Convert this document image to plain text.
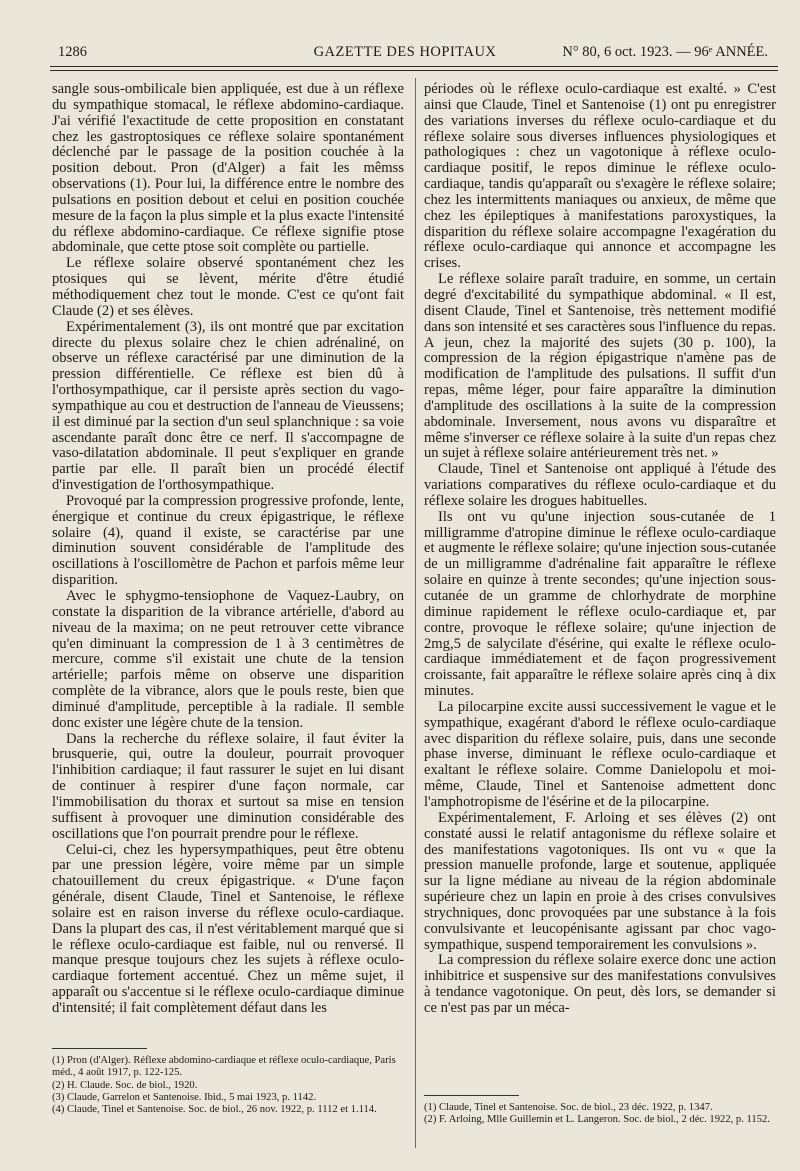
1286	GAZETTE DES HOPITAUX	N° 80, 6 oct. 1923. — 96ᵉ ANNÉE.

sangle sous-ombilicale bien appliquée, est due à un réflexe du sympathique stomacal, le réflexe abdomino-cardiaque. J'ai vérifié l'exactitude de cette proposition en constatant chez les gastroptosiques ce réflexe solaire spontanément déclenché par le passage de la position couchée à la position debout. Pron (d'Alger) a fait les mêmss observations (1). Pour lui, la différence entre le nombre des pulsations en position debout et celui en position couchée mesure de la façon la plus simple et la plus exacte l'intensité du réflexe abdomino-cardiaque. Ce réflexe signifie ptose abdominale, que cette ptose soit complète ou partielle.

Le réflexe solaire observé spontanément chez les ptosiques qui se lèvent, mérite d'être étudié méthodiquement chez tout le monde. C'est ce qu'ont fait Claude (2) et ses élèves.

Expérimentalement (3), ils ont montré que par excitation directe du plexus solaire chez le chien adrénaliné, on observe un réflexe caractérisé par une diminution de la pression différentielle. Ce réflexe est bien dû à l'orthosympathique, car il persiste après section du vago-sympathique au cou et destruction de l'anneau de Vieussens; il est diminué par la section d'un seul splanchnique : sa voie ascendante paraît donc être ce nerf. Il s'accompagne de vaso-dilatation abdominale. Il peut s'expliquer en grande partie par elle. Il paraît bien un procédé électif d'investigation de l'orthosympathique.

Provoqué par la compression progressive profonde, lente, énergique et continue du creux épigastrique, le réflexe solaire (4), quand il existe, se caractérise par une diminution souvent considérable de l'amplitude des oscillations à l'oscillomètre de Pachon et parfois même leur disparition.

Avec le sphygmo-tensiophone de Vaquez-Laubry, on constate la disparition de la vibrance artérielle, d'abord au niveau de la maxima; on ne peut retrouver cette vibrance qu'en diminuant la compression de 1 à 3 centimètres de mercure, comme s'il existait une chute de la tension artérielle; parfois même on observe une disparition complète de la vibrance, alors que le pouls reste, bien que diminué d'amplitude, perceptible à la radiale. Il semble donc exister une légère chute de la tension.

Dans la recherche du réflexe solaire, il faut éviter la brusquerie, qui, outre la douleur, pourrait provoquer l'inhibition cardiaque; il faut rassurer le sujet en lui disant de continuer à respirer d'une façon normale, car l'immobilisation du thorax et surtout sa mise en tension suffisent à provoquer une diminution considérable des oscillations que l'on pourrait prendre pour le réflexe.

Celui-ci, chez les hypersympathiques, peut être obtenu par une pression légère, voire même par un simple chatouillement du creux épigastrique. « D'une façon générale, disent Claude, Tinel et Santenoise, le réflexe solaire est en raison inverse du réflexe oculo-cardiaque. Dans la plupart des cas, il n'est véritablement marqué que si le réflexe oculo-cardiaque est faible, nul ou renversé. Il manque presque toujours chez les sujets à réflexe oculo-cardiaque fortement accentué. Chez un même sujet, il apparaît ou s'accentue si le réflexe oculo-cardiaque diminue d'intensité; il fait complètement défaut dans les

(1) Pron (d'Alger). Réflexe abdomino-cardiaque et réflexe oculo-cardiaque, Paris méd., 4 août 1917, p. 122-125.

(2) H. Claude. Soc. de biol., 1920.

(3) Claude, Garrelon et Santenoise. Ibid., 5 mai 1923, p. 1142.

(4) Claude, Tinel et Santenoise. Soc. de biol., 26 nov. 1922, p. 1112 et 1.114.

périodes où le réflexe oculo-cardiaque est exalté. » C'est ainsi que Claude, Tinel et Santenoise (1) ont pu enregistrer des variations inverses du réflexe oculo-cardiaque et du réflexe solaire sous diverses influences physiologiques et pathologiques : chez un vagotonique à réflexe oculo-cardiaque positif, le repos diminue le réflexe oculo-cardiaque, tandis qu'apparaît ou s'exagère le réflexe solaire; chez les intermittents maniaques ou anxieux, de même que chez les épileptiques à manifestations paroxystiques, la disparition du réflexe solaire accompagne l'exagération du réflexe oculo-cardiaque qui annonce et accompagne les crises.

Le réflexe solaire paraît traduire, en somme, un certain degré d'excitabilité du sympathique abdominal. « Il est, disent Claude, Tinel et Santenoise, très nettement modifié dans son intensité et ses caractères sous l'influence du repas. A jeun, chez la majorité des sujets (30 p. 100), la compression de la région épigastrique n'amène pas de modification de l'amplitude des pulsations. Il suffit d'un repas, même léger, pour faire apparaître la diminution d'amplitude des oscillations à la suite de la compression abdominale. Inversement, nous avons vu disparaître et même s'inverser ce réflexe solaire à la suite d'un repas chez un sujet à réflexe solaire antérieurement très net. »

Claude, Tinel et Santenoise ont appliqué à l'étude des variations comparatives du réflexe oculo-cardiaque et du réflexe solaire les drogues habituelles.

Ils ont vu qu'une injection sous-cutanée de 1 milligramme d'atropine diminue le réflexe oculo-cardiaque et augmente le réflexe solaire; qu'une injection sous-cutanée de un milligramme d'adrénaline fait apparaître le réflexe solaire en quinze à trente secondes; qu'une injection sous-cutanée de un gramme de chlorhydrate de morphine diminue rapidement le réflexe oculo-cardiaque et, par contre, provoque le réflexe solaire; qu'une injection de 2mg,5 de salycilate d'ésérine, qui exalte le réflexe oculo-cardiaque immédiatement et de façon progressivement croissante, fait apparaître le réflexe solaire après cinq à dix minutes.

La pilocarpine excite aussi successivement le vague et le sympathique, exagérant d'abord le réflexe oculo-cardiaque avec disparition du réflexe solaire, puis, dans une seconde phase inverse, diminuant le réflexe oculo-cardiaque et exaltant le réflexe solaire. Comme Danielopolu et moi-même, Claude, Tinel et Santenoise admettent donc l'amphotropisme de l'ésérine et de la pilocarpine.

Expérimentalement, F. Arloing et ses élèves (2) ont constaté aussi le relatif antagonisme du réflexe solaire et des manifestations vagotoniques. Ils ont vu « que la pression manuelle profonde, large et soutenue, appliquée sur la ligne médiane au niveau de la région abdominale supérieure chez un lapin en proie à des crises convulsives strychniques, donc provoquées par une substance à la fois convulsivante et leucopénisante agissant par choc vago-sympathique, suspend temporairement les convulsions ».

La compression du réflexe solaire exerce donc une action inhibitrice et suspensive sur des manifestations convulsives à tendance vagotonique. On peut, dès lors, se demander si ce n'est pas par un méca-

(1) Claude, Tinel et Santenoise. Soc. de biol., 23 déc. 1922, p. 1347.

(2) F. Arloing, Mlle Guillemin et L. Langeron. Soc. de biol., 2 déc. 1922, p. 1152.
